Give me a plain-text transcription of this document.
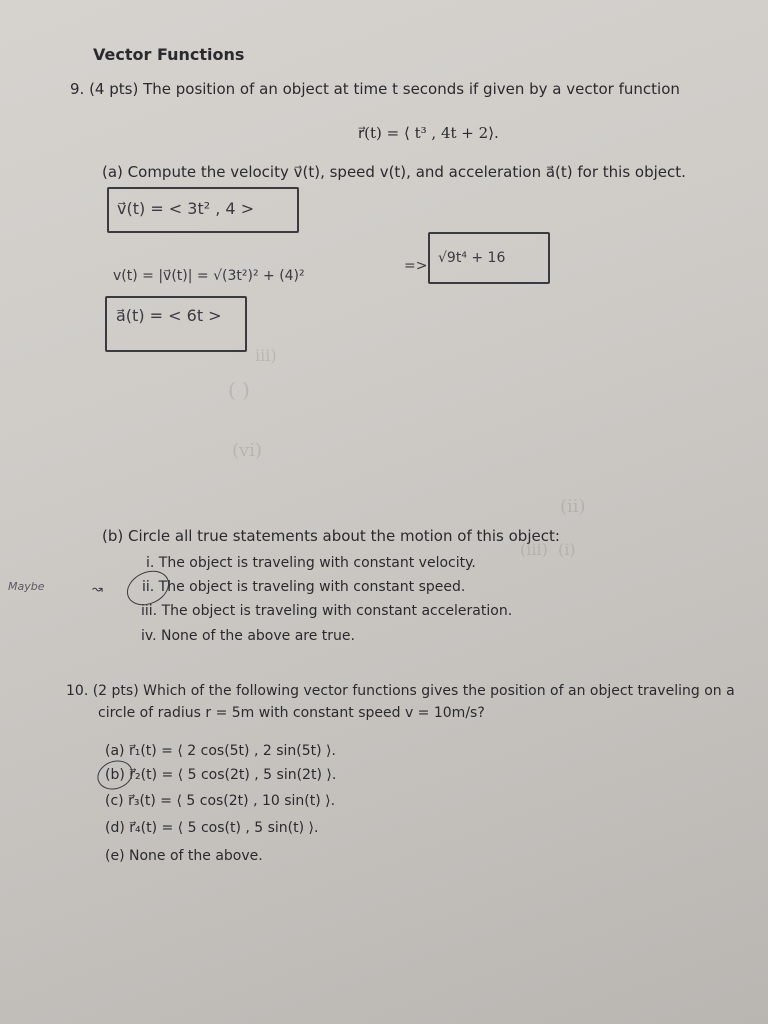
( )
(vi)
(ii)
(iii)  (i)
iii)
Vector Functions
9. (4 pts) The position of an object at time t seconds if given by a vector function
r⃗(t) = ⟨ t³ , 4t + 2⟩.
(a) Compute the velocity v⃗(t), speed v(t), and acceleration a⃗(t) for this object.
v⃗(t) = < 3t² , 4 >
v(t) = |v⃗(t)| = √(3t²)² + (4)²
=> √9t⁴ + 16
a⃗(t) = < 6t >
(b) Circle all true statements about the motion of this object:
i. The object is traveling with constant velocity.
ii. The object is traveling with constant speed.
iii. The object is traveling with constant acceleration.
iv. None of the above are true.
Maybe	↝
10. (2 pts) Which of the following vector functions gives the position of an object traveling on a
circle of radius r = 5m with constant speed v = 10m/s?
(a) r⃗₁(t) = ⟨ 2 cos(5t) , 2 sin(5t) ⟩.
(b) r⃗₂(t) = ⟨ 5 cos(2t) , 5 sin(2t) ⟩.
(c) r⃗₃(t) = ⟨ 5 cos(2t) , 10 sin(t) ⟩.
(d) r⃗₄(t) = ⟨ 5 cos(t) , 5 sin(t) ⟩.
(e) None of the above.
